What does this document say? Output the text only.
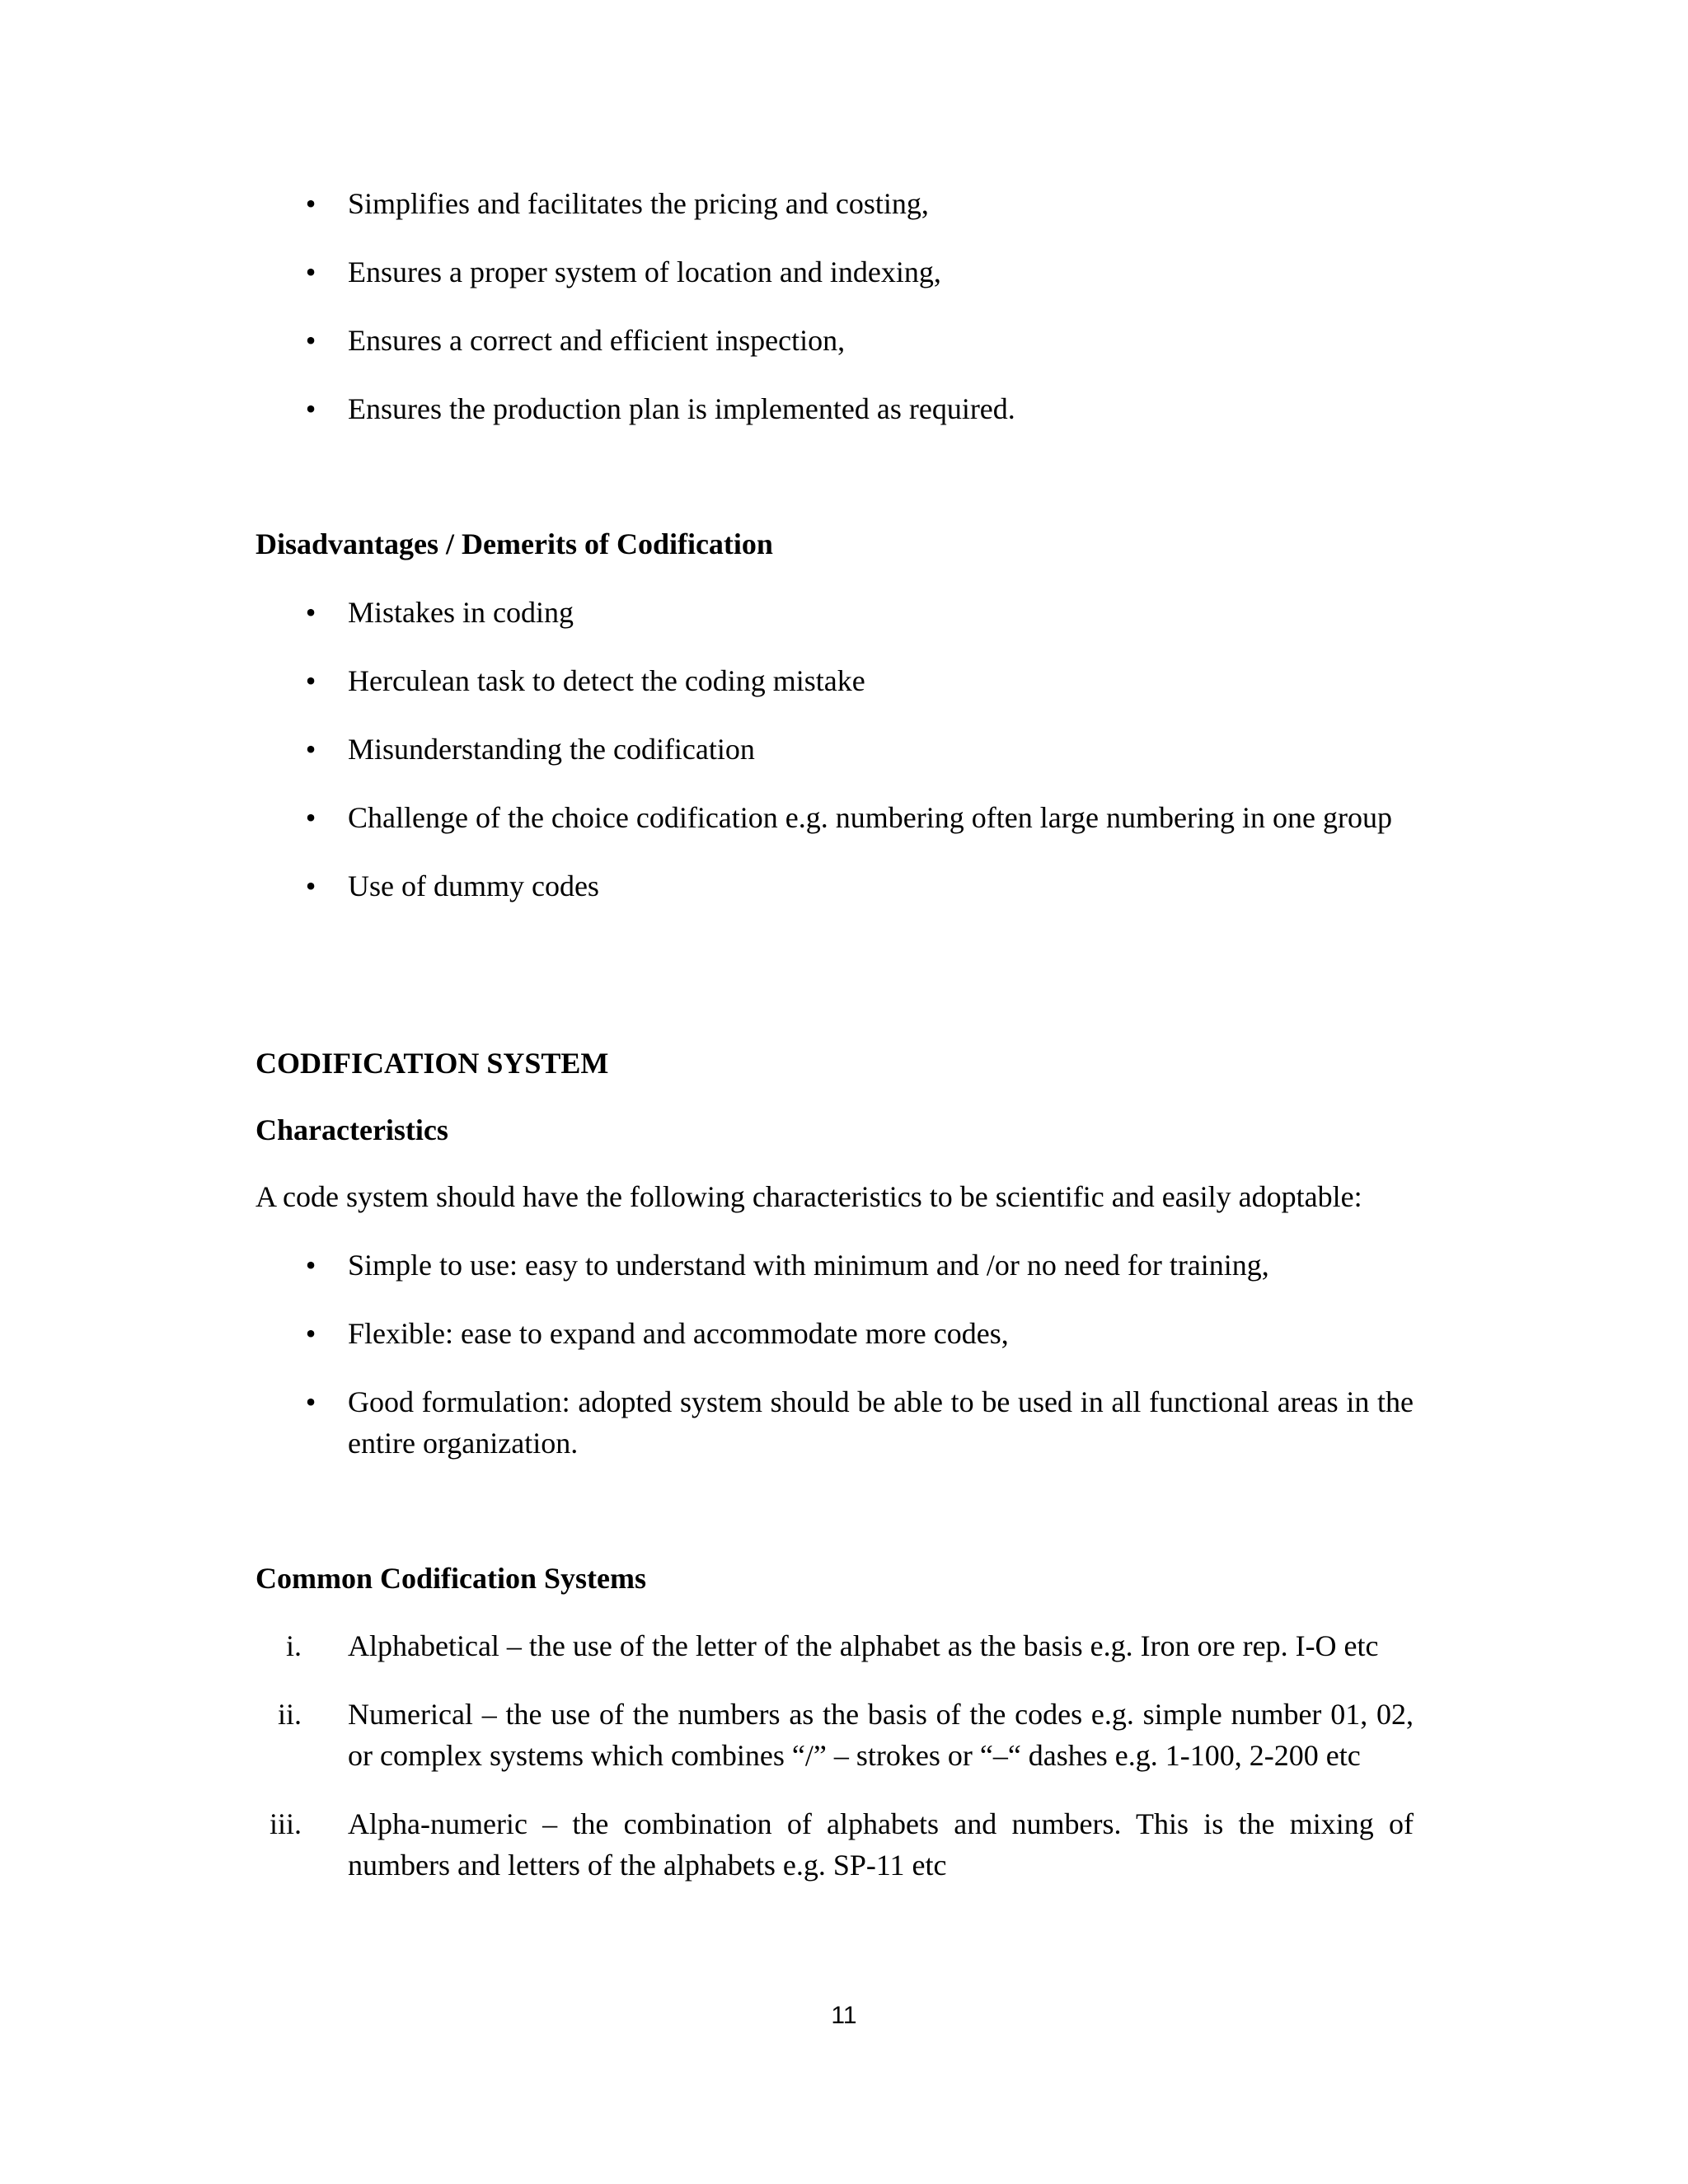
• Simplifies and facilitates the pricing and costing,
• Ensures a proper system of location and indexing,
• Ensures a correct and efficient inspection,
• Ensures the production plan is implemented as required.

Disadvantages / Demerits of Codification

• Mistakes in coding
• Herculean task to detect the coding mistake
• Misunderstanding the codification
• Challenge of the choice codification e.g. numbering often large numbering in one group
• Use of dummy codes

CODIFICATION SYSTEM

Characteristics

A code system should have the following characteristics to be scientific and easily adoptable:

• Simple to use: easy to understand with minimum and /or no need for training,
• Flexible: ease to expand and accommodate more codes,
• Good formulation: adopted system should be able to be used in all functional areas in the entire organization.

Common Codification Systems

i. Alphabetical – the use of the letter of the alphabet as the basis e.g. Iron ore rep. I-O etc
ii. Numerical – the use of the numbers as the basis of the codes e.g. simple number 01, 02, or complex systems which combines “/” – strokes or “–“ dashes e.g. 1-100, 2-200 etc
iii. Alpha-numeric – the combination of alphabets and numbers. This is the mixing of numbers and letters of the alphabets e.g. SP-11 etc
11
